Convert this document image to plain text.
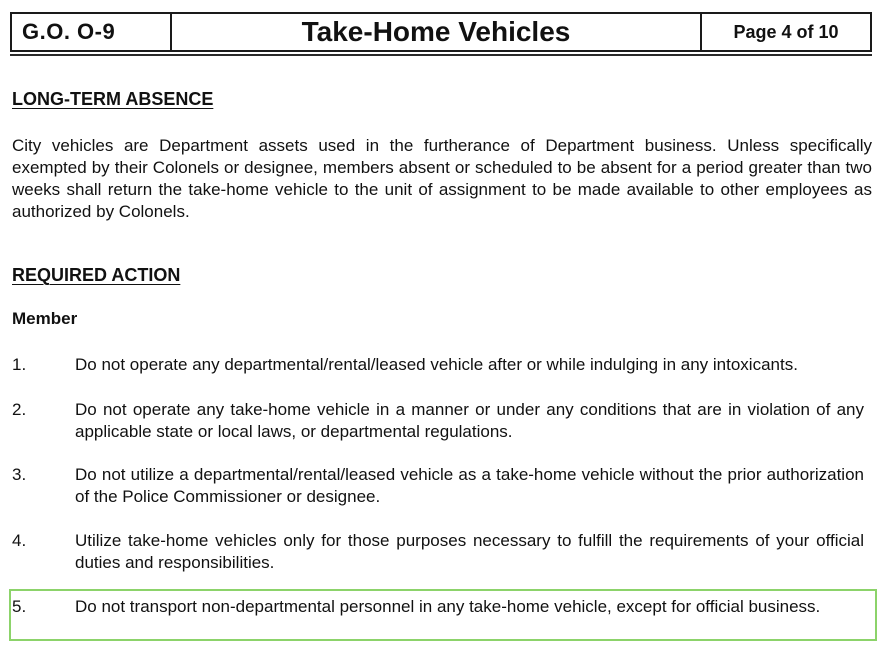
G.O. O-9	Take-Home Vehicles	Page 4 of 10
LONG-TERM ABSENCE
City vehicles are Department assets used in the furtherance of Department business. Unless specifically exempted by their Colonels or designee, members absent or scheduled to be absent for a period greater than two weeks shall return the take-home vehicle to the unit of assignment to be made available to other employees as authorized by Colonels.
REQUIRED ACTION
Member
1.	Do not operate any departmental/rental/leased vehicle after or while indulging in any intoxicants.
2.	Do not operate any take-home vehicle in a manner or under any conditions that are in violation of any applicable state or local laws, or departmental regulations.
3.	Do not utilize a departmental/rental/leased vehicle as a take-home vehicle without the prior authorization of the Police Commissioner or designee.
4.	Utilize take-home vehicles only for those purposes necessary to fulfill the requirements of your official duties and responsibilities.
5.	Do not transport non-departmental personnel in any take-home vehicle, except for official business.
